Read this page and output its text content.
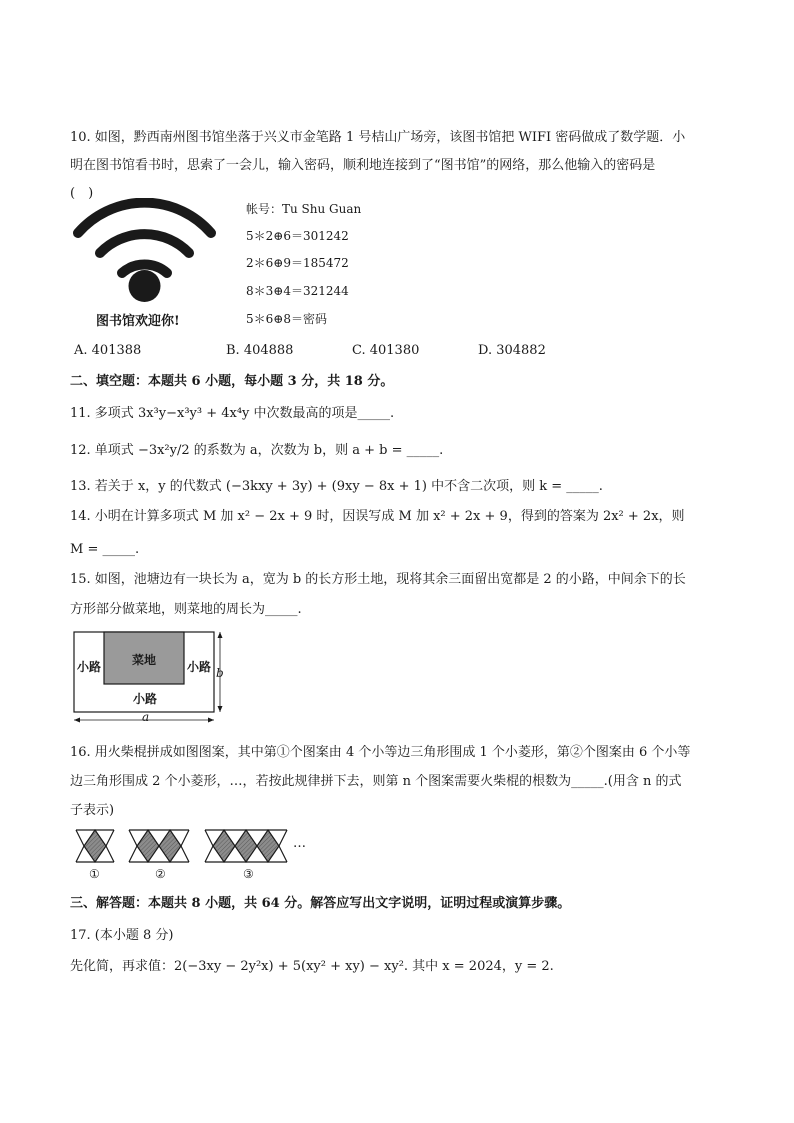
10. 如图，黔西南州图书馆坐落于兴义市金笔路 1 号桔山广场旁，该图书馆把 WIFI 密码做成了数学题．小
明在图书馆看书时，思索了一会儿，输入密码，顺利地连接到了“图书馆”的网络，那么他输入的密码是
(　)
图书馆欢迎你!
帐号：Tu Shu Guan
5＊2⊕6＝301242
2＊6⊕9＝185472
8＊3⊕4＝321244
5＊6⊕8＝密码
A. 401388	B. 404888	C. 401380	D. 304882
二、填空题：本题共 6 小题，每小题 3 分，共 18 分。
11. 多项式 3x³y−x³y³ + 4x⁴y 中次数最高的项是_____.
12. 单项式 −3x²y/2 的系数为 a，次数为 b，则 a + b = _____.
13. 若关于 x，y 的代数式 (−3kxy + 3y) + (9xy − 8x + 1) 中不含二次项，则 k = _____.
14. 小明在计算多项式 M 加 x² − 2x + 9 时，因误写成 M 加 x² + 2x + 9，得到的答案为 2x² + 2x，则
M = _____.
15. 如图，池塘边有一块长为 a，宽为 b 的长方形土地，现将其余三面留出宽都是 2 的小路，中间余下的长
方形部分做菜地，则菜地的周长为_____.
菜地
小路	小路
小路
a
b
16. 用火柴棍拼成如图图案，其中第①个图案由 4 个小等边三角形围成 1 个小菱形，第②个图案由 6 个小等
边三角形围成 2 个小菱形，…，若按此规律拼下去，则第 n 个图案需要火柴棍的根数为_____.(用含 n 的式
子表示)
…
①	②	③
三、解答题：本题共 8 小题，共 64 分。解答应写出文字说明，证明过程或演算步骤。
17. (本小题 8 分)
先化简，再求值：2(−3xy − 2y²x) + 5(xy² + xy) − xy². 其中 x = 2024，y = 2.
